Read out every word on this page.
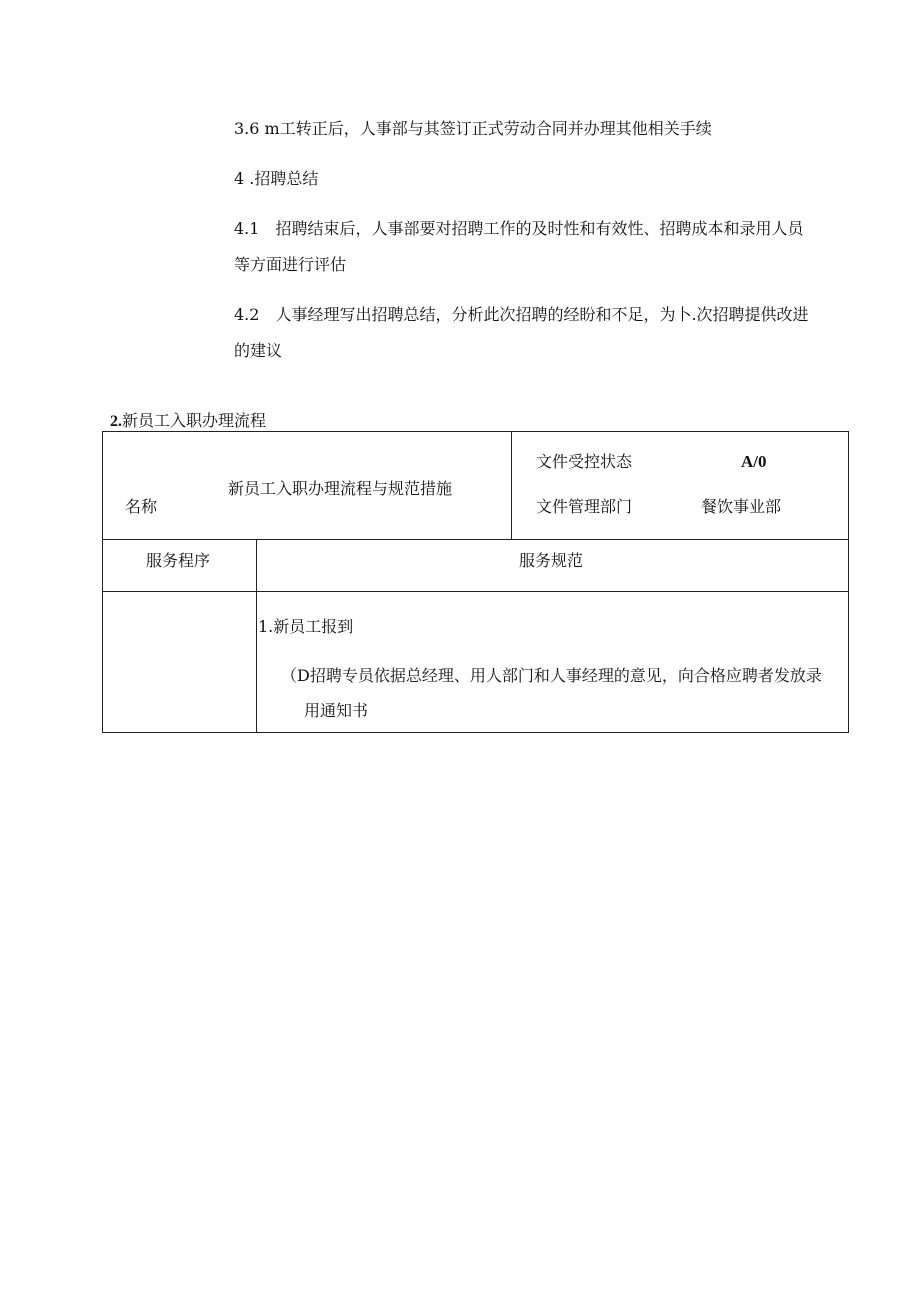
3.6 m工转正后，人事部与其签订正式劳动合同并办理其他相关手续

4 .招聘总结

4.1　招聘结束后，人事部要对招聘工作的及时性和有效性、招聘成本和录用人员

等方面进行评估

4.2　人事经理写出招聘总结，分析此次招聘的经盼和不足，为卜.次招聘提供改进

的建议

2.新员工入职办理流程

新员工入职办理流程与规范措施
名称
文件受控状态	A/0
文件管理部门	餐饮事业部
服务程序	服务规范
1.新员工报到
（D招聘专员依据总经理、用人部门和人事经理的意见，向合格应聘者发放录
用通知书
